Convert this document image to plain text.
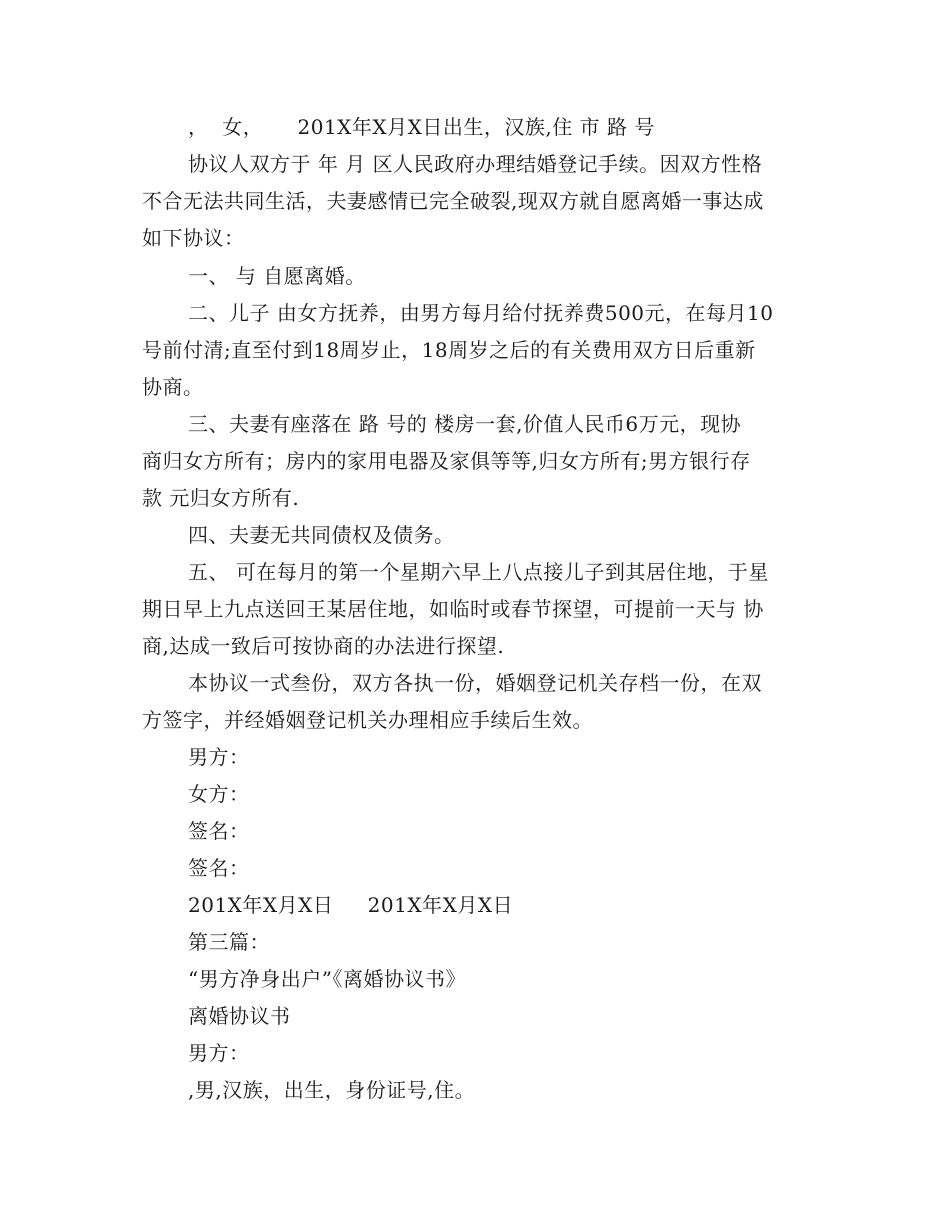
，  女，     201X年X月X日出生，汉族,住 市 路 号
协议人双方于 年 月 区人民政府办理结婚登记手续。因双方性格
不合无法共同生活，夫妻感情已完全破裂,现双方就自愿离婚一事达成
如下协议：
一、 与 自愿离婚。
二、儿子 由女方抚养，由男方每月给付抚养费500元，在每月10
号前付清;直至付到18周岁止，18周岁之后的有关费用双方日后重新
协商。
三、夫妻有座落在 路 号的 楼房一套,价值人民币6万元，现协
商归女方所有；房内的家用电器及家俱等等,归女方所有;男方银行存
款 元归女方所有.
四、夫妻无共同债权及债务。
五、 可在每月的第一个星期六早上八点接儿子到其居住地，于星
期日早上九点送回王某居住地，如临时或春节探望，可提前一天与 协
商,达成一致后可按协商的办法进行探望.
本协议一式叁份，双方各执一份，婚姻登记机关存档一份，在双
方签字，并经婚姻登记机关办理相应手续后生效。
男方：
女方：
签名：
签名：
201X年X月X日     201X年X月X日
第三篇：
“男方净身出户”《离婚协议书》
离婚协议书
男方：
,男,汉族，出生，身份证号,住。
